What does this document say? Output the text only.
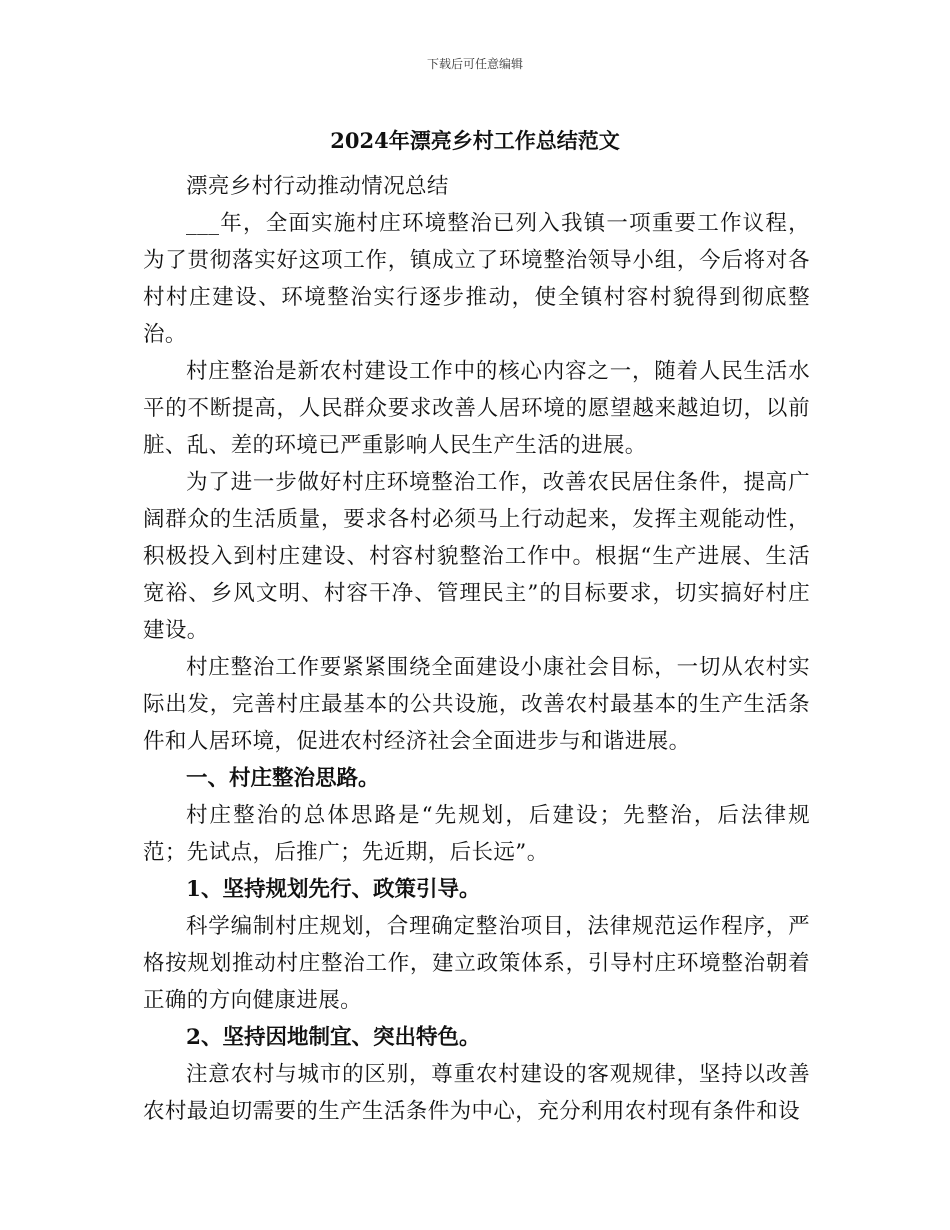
下载后可任意编辑
2024年漂亮乡村工作总结范文

漂亮乡村行动推动情况总结

___年，全面实施村庄环境整治已列入我镇一项重要工作议程，为了贯彻落实好这项工作，镇成立了环境整治领导小组，今后将对各村村庄建设、环境整治实行逐步推动，使全镇村容村貌得到彻底整治。

村庄整治是新农村建设工作中的核心内容之一，随着人民生活水平的不断提高，人民群众要求改善人居环境的愿望越来越迫切，以前脏、乱、差的环境已严重影响人民生产生活的进展。

为了进一步做好村庄环境整治工作，改善农民居住条件，提高广阔群众的生活质量，要求各村必须马上行动起来，发挥主观能动性，积极投入到村庄建设、村容村貌整治工作中。根据“生产进展、生活宽裕、乡风文明、村容干净、管理民主”的目标要求，切实搞好村庄建设。

村庄整治工作要紧紧围绕全面建设小康社会目标，一切从农村实际出发，完善村庄最基本的公共设施，改善农村最基本的生产生活条件和人居环境，促进农村经济社会全面进步与和谐进展。

一、村庄整治思路。

村庄整治的总体思路是“先规划，后建设；先整治，后法律规范；先试点，后推广；先近期，后长远”。

1、坚持规划先行、政策引导。

科学编制村庄规划，合理确定整治项目，法律规范运作程序，严格按规划推动村庄整治工作，建立政策体系，引导村庄环境整治朝着正确的方向健康进展。

2、坚持因地制宜、突出特色。

注意农村与城市的区别，尊重农村建设的客观规律，坚持以改善农村最迫切需要的生产生活条件为中心，充分利用农村现有条件和设
